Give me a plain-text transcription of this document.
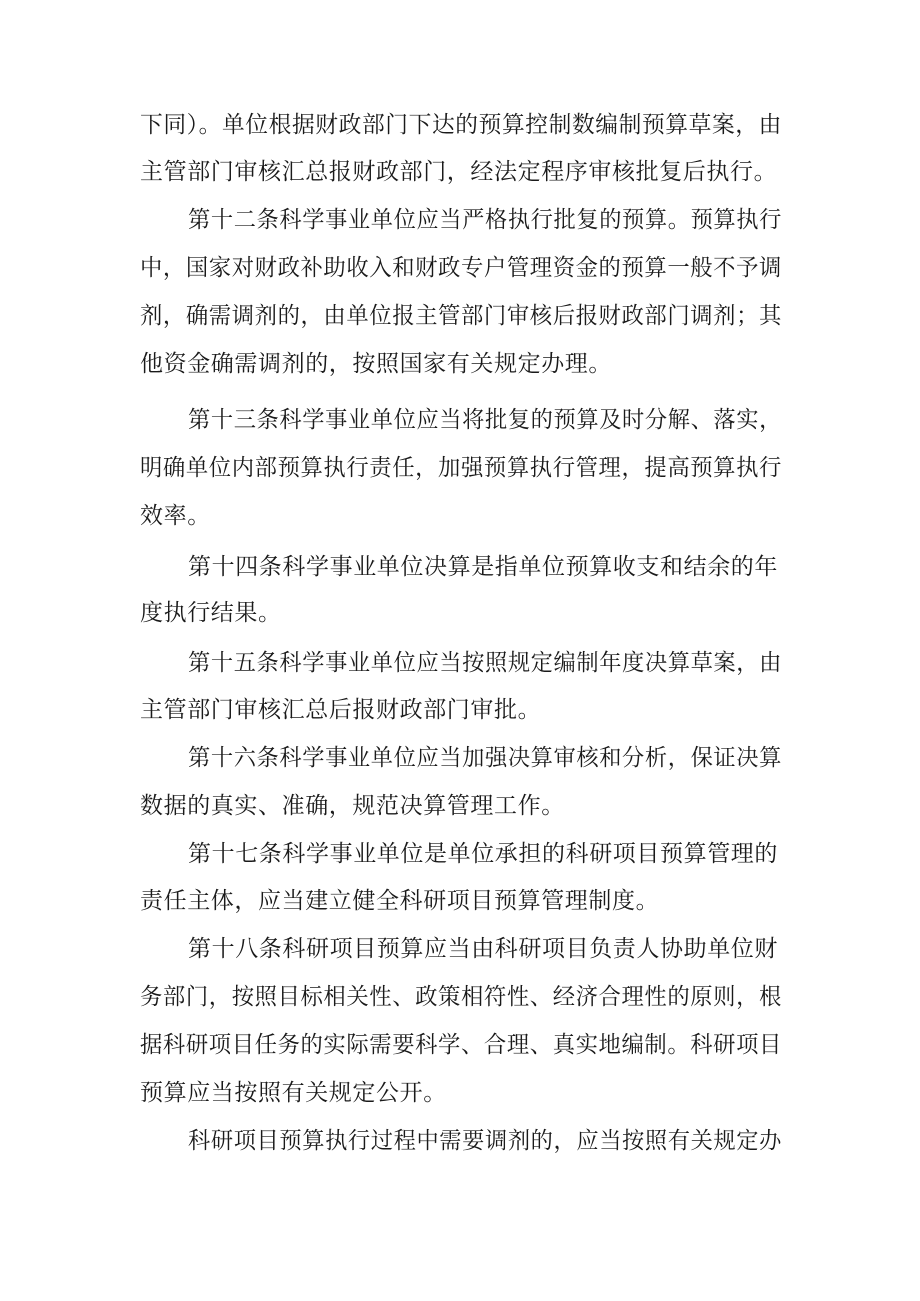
下同）。单位根据财政部门下达的预算控制数编制预算草案，由
主管部门审核汇总报财政部门，经法定程序审核批复后执行。
第十二条科学事业单位应当严格执行批复的预算。预算执行
中，国家对财政补助收入和财政专户管理资金的预算一般不予调
剂，确需调剂的，由单位报主管部门审核后报财政部门调剂；其
他资金确需调剂的，按照国家有关规定办理。
第十三条科学事业单位应当将批复的预算及时分解、落实，
明确单位内部预算执行责任，加强预算执行管理，提高预算执行
效率。
第十四条科学事业单位决算是指单位预算收支和结余的年
度执行结果。
第十五条科学事业单位应当按照规定编制年度决算草案，由
主管部门审核汇总后报财政部门审批。
第十六条科学事业单位应当加强决算审核和分析，保证决算
数据的真实、准确，规范决算管理工作。
第十七条科学事业单位是单位承担的科研项目预算管理的
责任主体，应当建立健全科研项目预算管理制度。
第十八条科研项目预算应当由科研项目负责人协助单位财
务部门，按照目标相关性、政策相符性、经济合理性的原则，根
据科研项目任务的实际需要科学、合理、真实地编制。科研项目
预算应当按照有关规定公开。
科研项目预算执行过程中需要调剂的，应当按照有关规定办
